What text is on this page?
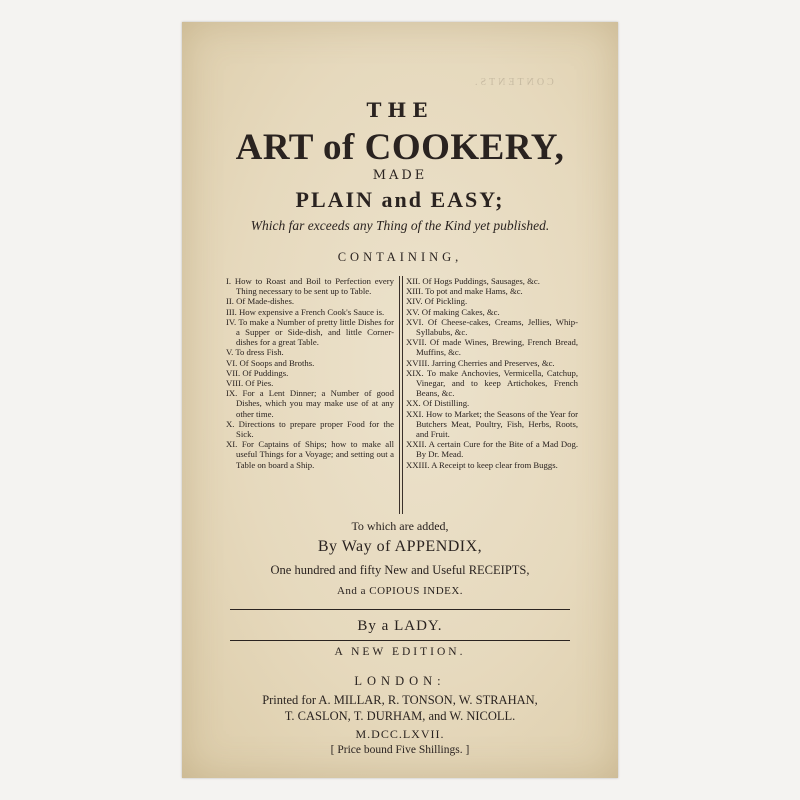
CONTENTS.
THE
ART of COOKERY,
MADE
PLAIN and EASY;
Which far exceeds any Thing of the Kind yet published.
CONTAINING,
I. How to Roast and Boil to Perfection every Thing necessary to be sent up to Table.
II. Of Made-dishes.
III. How expensive a French Cook's Sauce is.
IV. To make a Number of pretty little Dishes for a Supper or Side-dish, and little Corner-dishes for a great Table.
V. To dress Fish.
VI. Of Soops and Broths.
VII. Of Puddings.
VIII. Of Pies.
IX. For a Lent Dinner; a Number of good Dishes, which you may make use of at any other time.
X. Directions to prepare proper Food for the Sick.
XI. For Captains of Ships; how to make all useful Things for a Voyage; and setting out a Table on board a Ship.
XII. Of Hogs Puddings, Sausages, &c.
XIII. To pot and make Hams, &c.
XIV. Of Pickling.
XV. Of making Cakes, &c.
XVI. Of Cheese-cakes, Creams, Jellies, Whip-Syllabubs, &c.
XVII. Of made Wines, Brewing, French Bread, Muffins, &c.
XVIII. Jarring Cherries and Preserves, &c.
XIX. To make Anchovies, Vermicella, Catchup, Vinegar, and to keep Artichokes, French Beans, &c.
XX. Of Distilling.
XXI. How to Market; the Seasons of the Year for Butchers Meat, Poultry, Fish, Herbs, Roots, and Fruit.
XXII. A certain Cure for the Bite of a Mad Dog. By Dr. Mead.
XXIII. A Receipt to keep clear from Buggs.
To which are added,
By Way of APPENDIX,
One hundred and fifty New and Useful RECEIPTS,
And a COPIOUS INDEX.
By a LADY.
A NEW EDITION.
LONDON:
Printed for A. MILLAR, R. TONSON, W. STRAHAN,
T. CASLON, T. DURHAM, and W. NICOLL.
M.DCC.LXVII.
[ Price bound Five Shillings. ]
